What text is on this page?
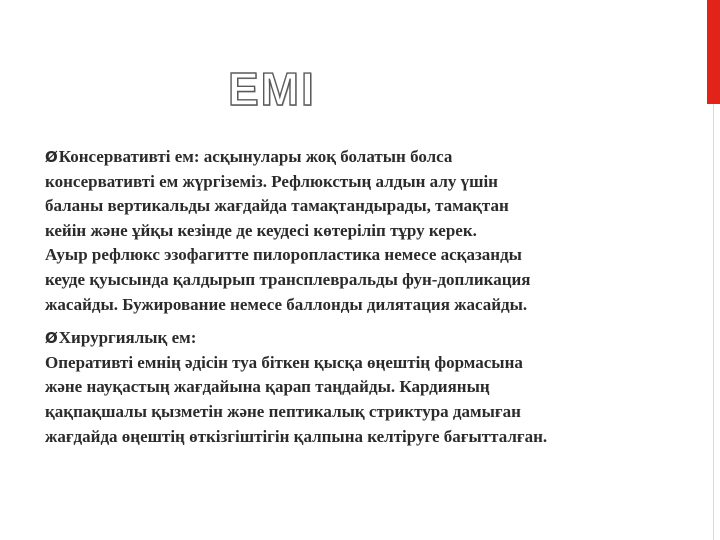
ЕМІ

ØКонсервативті ем: асқынулары жоқ болатын болса
консервативті ем жүргіземіз. Рефлюкстың алдын алу үшін
баланы вертикальды жағдайда тамақтандырады, тамақтан
кейін және ұйқы кезінде де кеудесі көтеріліп тұру керек.
Ауыр рефлюкс эзофагитте пилоропластика немесе асқазанды
кеуде қуысында қалдырып трансплевральды фун-допликация
жасайды. Бужирование немесе баллонды дилятация жасайды.

ØХирургиялық ем:
Оперативті емнің әдісін туа біткен қысқа өңештің формасына
және науқастың жағдайына қарап таңдайды. Кардияның
қақпақшалы қызметін және пептикалық стриктура дамыған
жағдайда өңештің өткізгіштігін қалпына келтіруге бағытталған.
